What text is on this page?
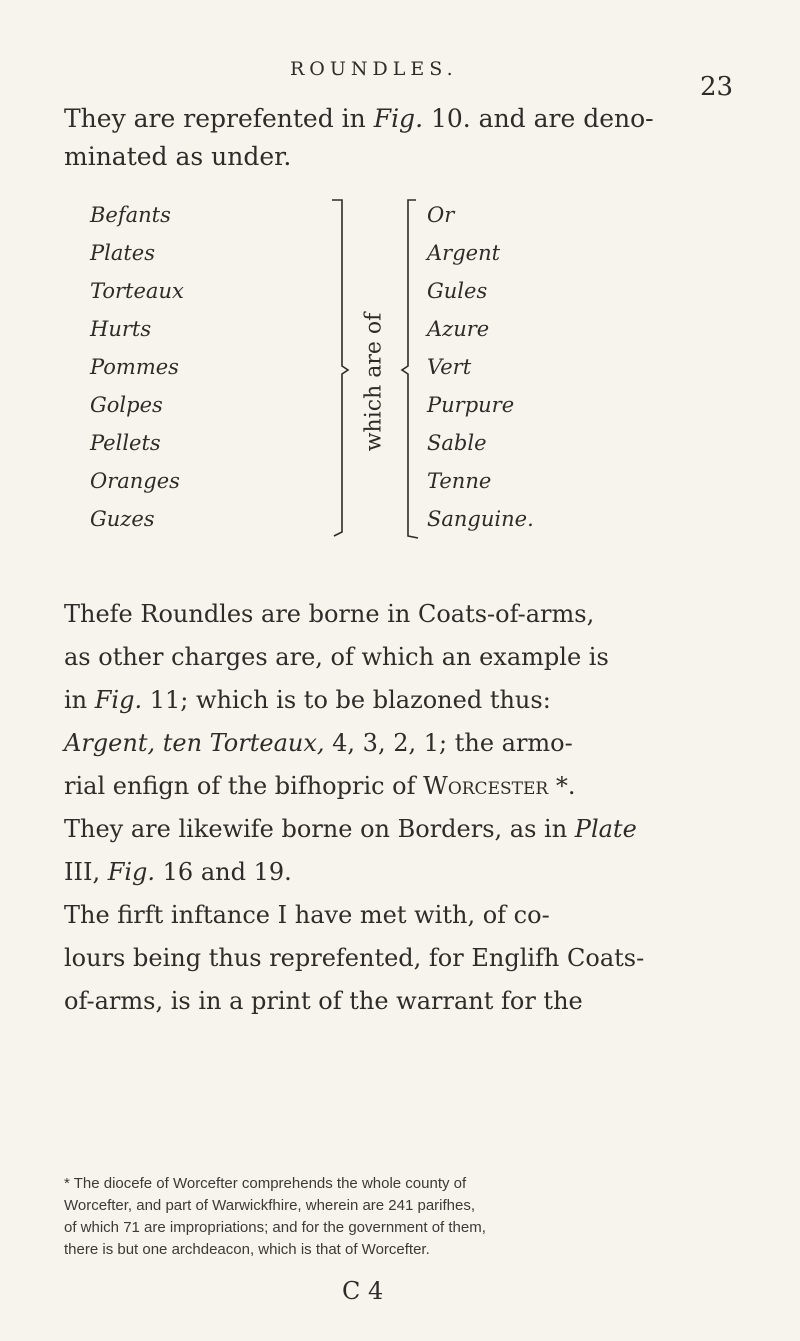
ROUNDLES.
23
They are reprefented in Fig. 10. and are deno-
minated as under.
Befants
Plates
Torteaux
Hurts
Pommes
Golpes
Pellets
Oranges
Guzes
which are of
Or
Argent
Gules
Azure
Vert
Purpure
Sable
Tenne
Sanguine.
Thefe Roundles are borne in Coats-of-arms,
as other charges are, of which an example is
in Fig. 11; which is to be blazoned thus:
Argent, ten Torteaux, 4, 3, 2, 1; the armo-
rial enfign of the bifhopric of Worcester *.
They are likewife borne on Borders, as in Plate
III, Fig. 16 and 19.
The firft inftance I have met with, of co-
lours being thus reprefented, for Englifh Coats-
of-arms, is in a print of the warrant for the
* The diocefe of Worcefter comprehends the whole county of
Worcefter, and part of Warwickfhire, wherein are 241 parifhes,
of which 71 are impropriations; and for the government of them,
there is but one archdeacon, which is that of Worcefter.
C 4
